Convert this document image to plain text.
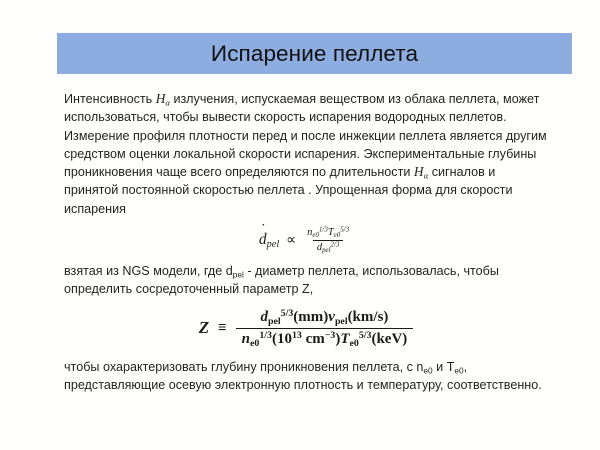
Испарение пеллета

Интенсивность $H_\alpha$ излучения, испускаемая веществом из облака пеллета, может использоваться, чтобы вывести скорость испарения водородных пеллетов. Измерение профиля плотности перед и после инжекции пеллета является другим средством оценки локальной скорости испарения. Экспериментальные глубины проникновения чаще всего определяются по длительности $H_\alpha$ сигналов и принятой постоянной скоростью пеллета . Упрощенная форма для скорости испарения

˙ $d_{pel} \propto \frac{n_{e0}^{1/3}T_{e0}^{5/3}}{d_{pel}^{2/3}}$

взятая из NGS модели, где $d_{pel}$ - диаметр пеллета, использовалась, чтобы определить сосредоточенный параметр Z,

$Z \equiv \frac{d_{pel}^{5/3}(mm)v_{pel}(km/s)}{n_{e0}^{1/3}(10^{13} cm^{-3})T_{e0}^{5/3}(keV)}$

чтобы охарактеризовать глубину проникновения пеллета, с $n_{e0}$ и $T_{e0}$, представляющие осевую электронную плотность и температуру, соответственно.
